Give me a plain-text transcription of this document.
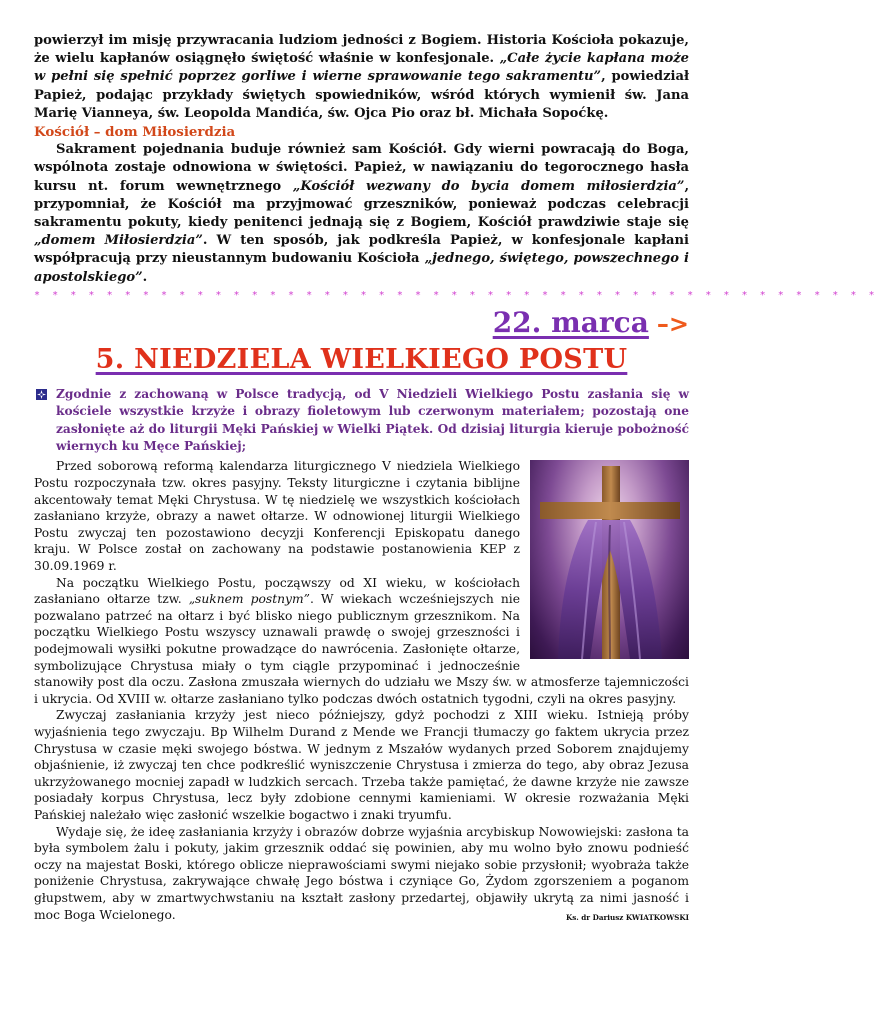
powierzył im misję przywracania ludziom jedności z Bogiem. Historia Kościoła pokazuje, że wielu kapłanów osiągnęło świętość właśnie w konfesjonale. „Całe życie kapłana może w pełni się spełnić poprzez gorliwe i wierne sprawowanie tego sakramentu”, powiedział Papież, podając przykłady świętych spowiedników, wśród których wymienił św. Jana Marię Vianneya, św. Leopolda Mandića, św. Ojca Pio oraz bł. Michała Sopoćkę.

Kościół – dom Miłosierdzia

Sakrament pojednania buduje również sam Kościół. Gdy wierni powracają do Boga, wspólnota zostaje odnowiona w świętości. Papież, w nawiązaniu do tegorocznego hasła kursu nt. forum wewnętrznego „Kościół wezwany do bycia domem miłosierdzia”, przypomniał, że Kościół ma przyjmować grzeszników, ponieważ podczas celebracji sakramentu pokuty, kiedy penitenci jednają się z Bogiem, Kościół prawdziwie staje się „domem Miłosierdzia”. W ten sposób, jak podkreśla Papież, w konfesjonale kapłani współpracują przy nieustannym budowaniu Kościoła „jednego, świętego, powszechnego i apostolskiego”.

* * * * * * * * * * * * * * * * * * * * * * * * * * * * * * * * * * * * * * * * * * * * * * *
22. marca –>
5. NIEDZIELA WIELKIEGO POSTU
Zgodnie z zachowaną w Polsce tradycją, od V Niedzieli Wielkiego Postu zasłania się w kościele wszystkie krzyże i obrazy fioletowym lub czerwonym materiałem; pozostają one zasłonięte aż do liturgii Męki Pańskiej w Wielki Piątek. Od dzisiaj liturgia kieruje pobożność wiernych ku Męce Pańskiej;

Przed soborową reformą kalendarza liturgicznego V niedziela Wielkiego Postu rozpoczynała tzw. okres pasyjny. Teksty liturgiczne i czytania biblijne akcentowały temat Męki Chrystusa. W tę niedzielę we wszystkich kościołach zasłaniano krzyże, obrazy a nawet ołtarze. W odnowionej liturgii Wielkiego Postu zwyczaj ten pozostawiono decyzji Konferencji Episkopatu danego kraju. W Polsce został on zachowany na podstawie postanowienia KEP z 30.09.1969 r.

Na początku Wielkiego Postu, począwszy od XI wieku, w kościołach zasłaniano ołtarze tzw. „suknem postnym”. W wiekach wcześniejszych nie pozwalano patrzeć na ołtarz i być blisko niego publicznym grzesznikom. Na początku Wielkiego Postu wszyscy uznawali prawdę o swojej grzeszności i podejmowali wysiłki pokutne prowadzące do nawrócenia. Zasłonięte ołtarze, symbolizujące Chrystusa miały o tym ciągle przypominać i jednocześnie stanowiły post dla oczu. Zasłona zmuszała wiernych do udziału we Mszy św. w atmosferze tajemniczości i ukrycia. Od XVIII w. ołtarze zasłaniano tylko podczas dwóch ostatnich tygodni, czyli na okres pasyjny.

Zwyczaj zasłaniania krzyży jest nieco późniejszy, gdyż pochodzi z XIII wieku. Istnieją próby wyjaśnienia tego zwyczaju. Bp Wilhelm Durand z Mende we Francji tłumaczy go faktem ukrycia przez Chrystusa w czasie męki swojego bóstwa. W jednym z Mszałów wydanych przed Soborem znajdujemy objaśnienie, iż zwyczaj ten chce podkreślić wyniszczenie Chrystusa i zmierza do tego, aby obraz Jezusa ukrzyżowanego mocniej zapadł w ludzkich sercach. Trzeba także pamiętać, że dawne krzyże nie zawsze posiadały korpus Chrystusa, lecz były zdobione cennymi kamieniami. W okresie rozważania Męki Pańskiej należało więc zasłonić wszelkie bogactwo i znaki tryumfu.

Wydaje się, że ideę zasłaniania krzyży i obrazów dobrze wyjaśnia arcybiskup Nowowiejski: zasłona ta była symbolem żalu i pokuty, jakim grzesznik oddać się powinien, aby mu wolno było znowu podnieść oczy na majestat Boski, którego oblicze nieprawościami swymi niejako sobie przysłonił; wyobraża także poniżenie Chrystusa, zakrywające chwałę Jego bóstwa i czyniące Go, Żydom zgorszeniem a poganom głupstwem, aby w zmartwychwstaniu na kształt zasłony przedartej, objawiły ukrytą za nimi jasność i moc Boga Wcielonego.	Ks. dr Dariusz KWIATKOWSKI
